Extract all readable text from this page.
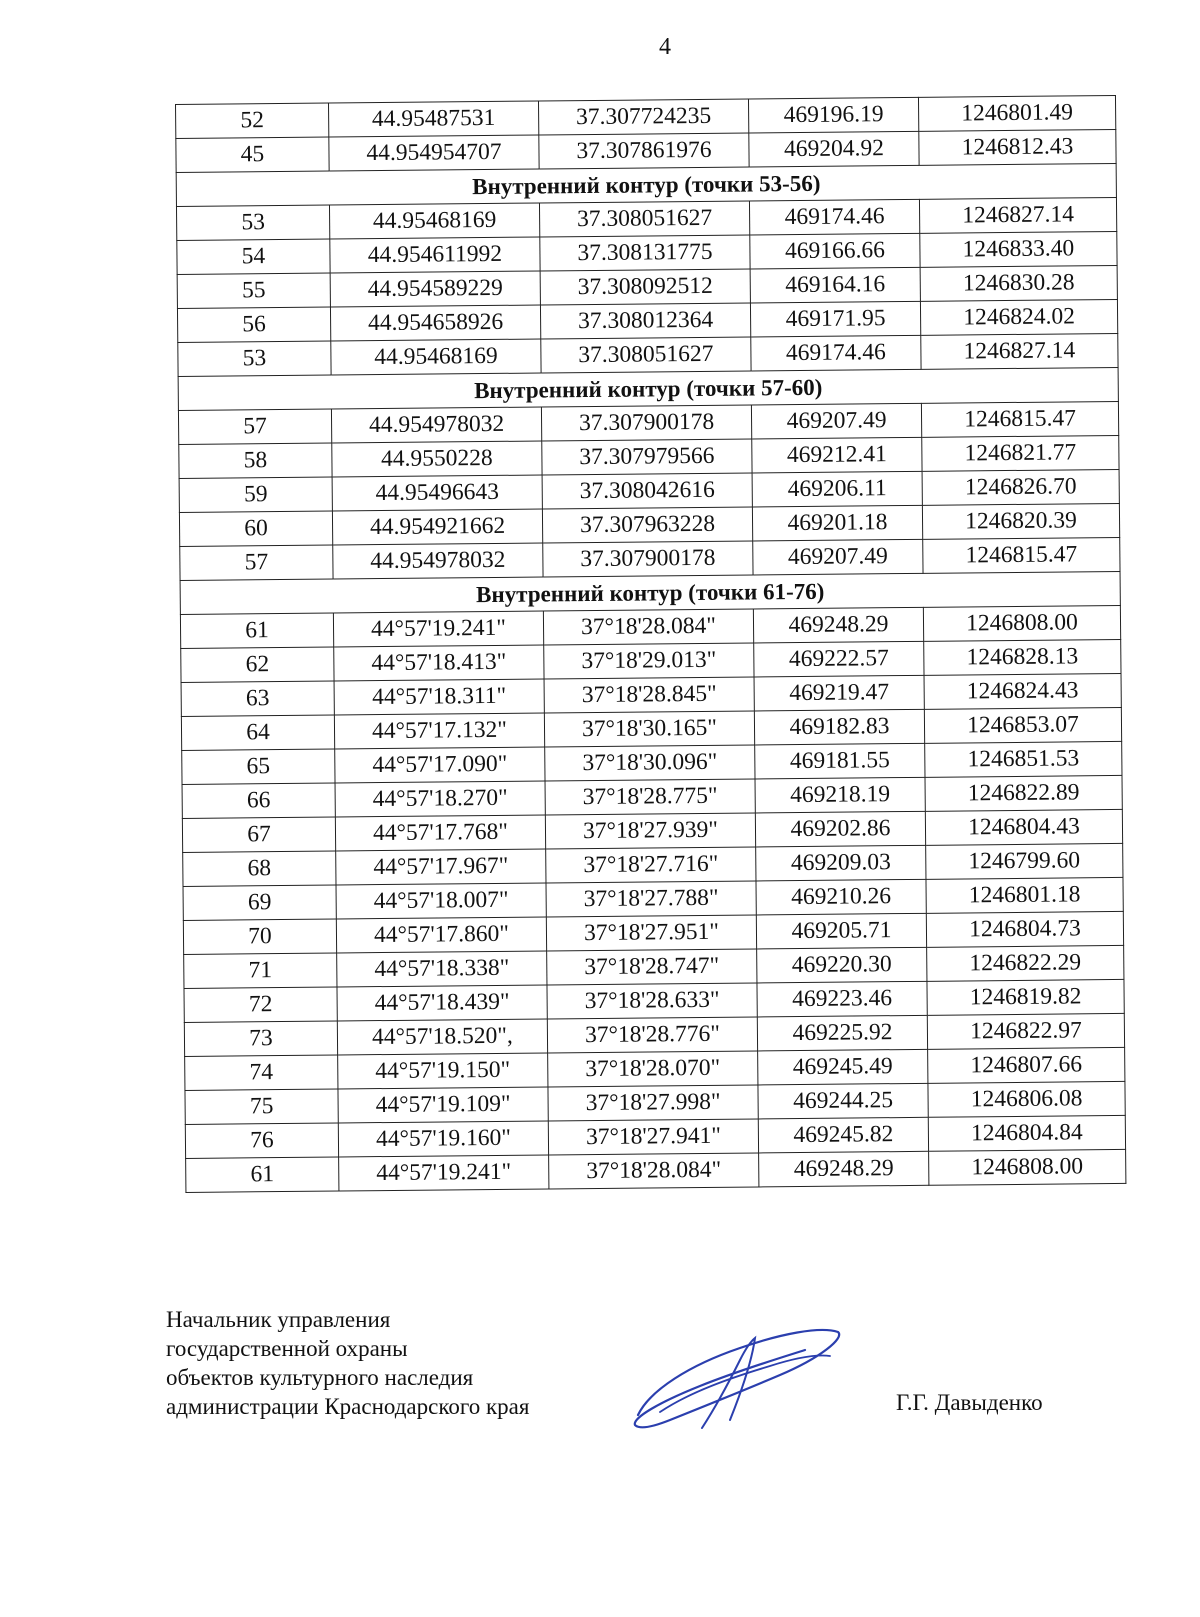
4
52	44.95487531	37.307724235	469196.19	1246801.49
45	44.954954707	37.307861976	469204.92	1246812.43
Внутренний контур (точки 53-56)				
53	44.95468169	37.308051627	469174.46	1246827.14
54	44.954611992	37.308131775	469166.66	1246833.40
55	44.954589229	37.308092512	469164.16	1246830.28
56	44.954658926	37.308012364	469171.95	1246824.02
53	44.95468169	37.308051627	469174.46	1246827.14
Внутренний контур (точки 57-60)				
57	44.954978032	37.307900178	469207.49	1246815.47
58	44.9550228	37.307979566	469212.41	1246821.77
59	44.95496643	37.308042616	469206.11	1246826.70
60	44.954921662	37.307963228	469201.18	1246820.39
57	44.954978032	37.307900178	469207.49	1246815.47
Внутренний контур (точки 61-76)				
61	44°57'19.241"	37°18'28.084"	469248.29	1246808.00
62	44°57'18.413"	37°18'29.013"	469222.57	1246828.13
63	44°57'18.311"	37°18'28.845"	469219.47	1246824.43
64	44°57'17.132"	37°18'30.165"	469182.83	1246853.07
65	44°57'17.090"	37°18'30.096"	469181.55	1246851.53
66	44°57'18.270"	37°18'28.775"	469218.19	1246822.89
67	44°57'17.768"	37°18'27.939"	469202.86	1246804.43
68	44°57'17.967"	37°18'27.716"	469209.03	1246799.60
69	44°57'18.007"	37°18'27.788"	469210.26	1246801.18
70	44°57'17.860"	37°18'27.951"	469205.71	1246804.73
71	44°57'18.338"	37°18'28.747"	469220.30	1246822.29
72	44°57'18.439"	37°18'28.633"	469223.46	1246819.82
73	44°57'18.520",	37°18'28.776"	469225.92	1246822.97
74	44°57'19.150"	37°18'28.070"	469245.49	1246807.66
75	44°57'19.109"	37°18'27.998"	469244.25	1246806.08
76	44°57'19.160"	37°18'27.941"	469245.82	1246804.84
61	44°57'19.241"	37°18'28.084"	469248.29	1246808.00
Начальник управления
государственной охраны
объектов культурного наследия
администрации Краснодарского края	Г.Г. Давыденко
